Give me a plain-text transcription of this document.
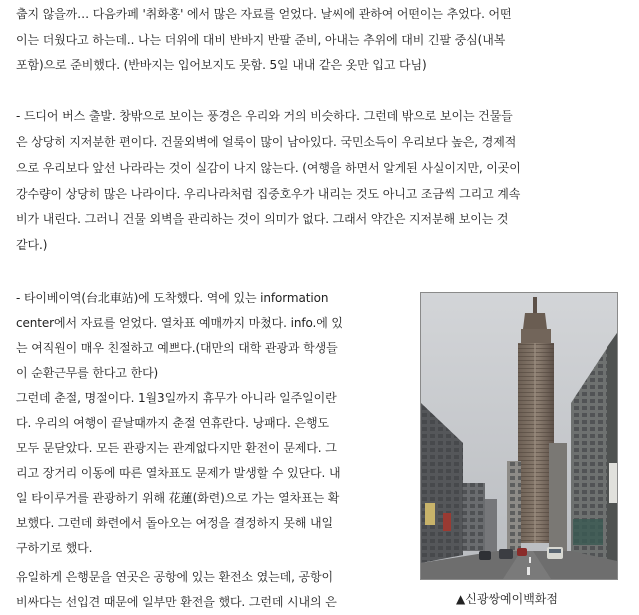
춥지 않을까… 다음카페 '취화홍' 에서 많은 자료를 얻었다. 날씨에 관하여 어떤이는 추었다. 어떤
이는 더웠다고 하는데.. 나는 더위에 대비 반바지 반팔 준비, 아내는 추위에 대비 긴팔 중심(내복
포함)으로 준비했다. (반바지는 입어보지도 못함. 5일 내내 같은 옷만 입고 다님)
- 드디어 버스 출발. 창밖으로 보이는 풍경은 우리와 거의 비슷하다. 그런데 밖으로 보이는 건물들
은 상당히 지저분한 편이다. 건물외벽에 얼룩이 많이 남아있다. 국민소득이 우리보다 높은, 경제적
으로 우리보다 앞선 나라라는 것이 실감이 나지 않는다. (여행을 하면서 알게된 사실이지만, 이곳이
강수량이 상당히 많은 나라이다. 우리나라처럼 집중호우가 내리는 것도 아니고 조금씩 그리고 계속
비가 내린다. 그러니 건물 외벽을 관리하는 것이 의미가 없다. 그래서 약간은 지저분해 보이는 것
같다.)
- 타이베이역(台北車站)에 도착했다. 역에 있는 information
center에서 자료를 얻었다. 열차표 예매까지 마쳤다. info.에 있
는 여직원이 매우 친절하고 예쁘다.(대만의 대학 관광과 학생들
이 순환근무를 한다고 한다)
그런데 춘절, 명절이다. 1월3일까지 휴무가 아니라 일주일이란
다. 우리의 여행이 끝날때까지 춘절 연휴란다. 낭패다. 은행도
모두 문닫았다. 모든 관광지는 관계없다지만 환전이 문제다. 그
리고 장거리 이동에 따른 열차표도 문제가 발생할 수 있단다. 내
일 타이루거를 관광하기 위해 花蓮(화련)으로 가는 열차표는 확
보했다. 그런데 화련에서 돌아오는 여정을 결정하지 못해 내일
구하기로 했다.
유일하게 은행문을 연곳은 공항에 있는 환전소 였는데, 공항이
비싸다는 선입견 때문에 일부만 환전을 했다. 그런데 시내의 은	▲신광쌍예이백화점
